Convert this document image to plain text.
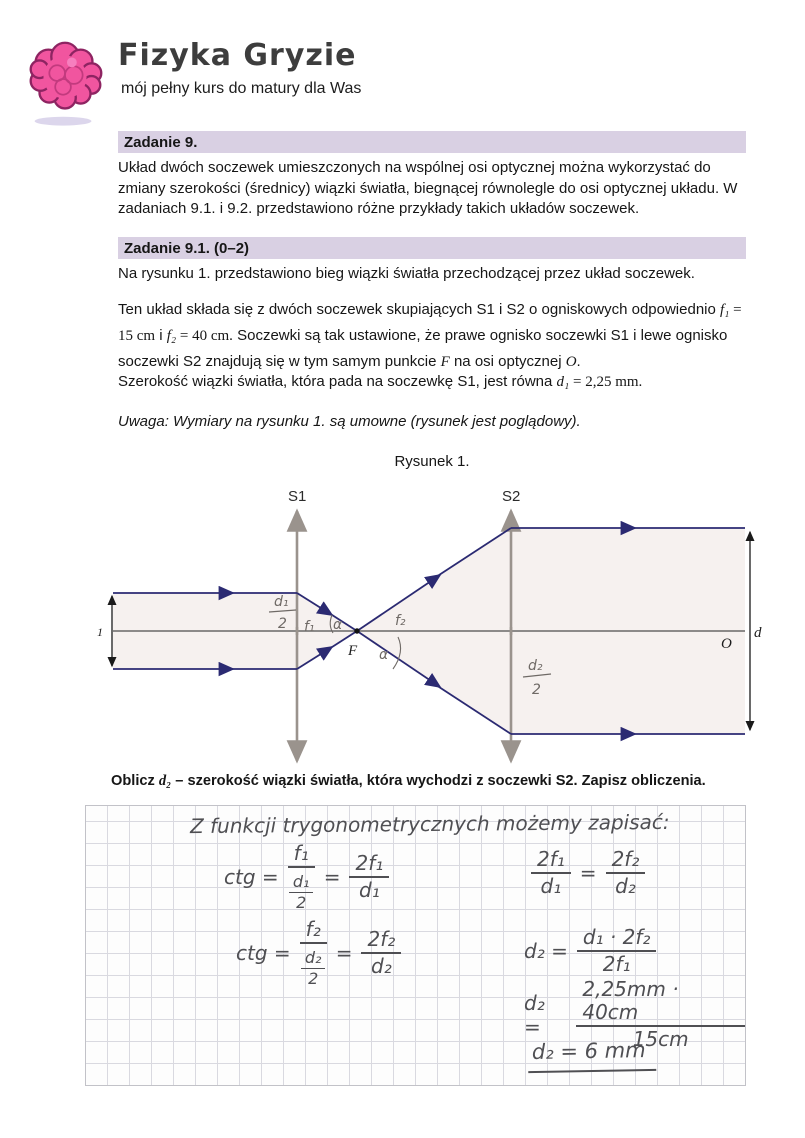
Fizyka Gryzie
mój pełny kurs do matury dla Was
Zadanie 9.
Układ dwóch soczewek umieszczonych na wspólnej osi optycznej można wykorzystać do zmiany szerokości (średnicy) wiązki światła, biegnącej równolegle do osi optycznej układu. W zadaniach 9.1. i 9.2. przedstawiono różne przykłady takich układów soczewek.
Zadanie 9.1. (0–2)
Na rysunku 1. przedstawiono bieg wiązki światła przechodzącej przez układ soczewek.
Ten układ składa się z dwóch soczewek skupiających S1 i S2 o ogniskowych odpowiednio f₁ = 15 cm i f₂ = 40 cm. Soczewki są tak ustawione, że prawe ognisko soczewki S1 i lewe ognisko soczewki S2 znajdują się w tym samym punkcie F na osi optycznej O.
Szerokość wiązki światła, która pada na soczewkę S1, jest równa d₁ = 2,25 mm.
Uwaga: Wymiary na rysunku 1. są umowne (rysunek jest poglądowy).
Rysunek 1.
S1	S2
F	O
d
1
d₁
2 f₁ α	f₂
α
d₂
2
Oblicz d₂ – szerokość wiązki światła, która wychodzi z soczewki S2. Zapisz obliczenia.
Z funkcji trygonometrycznych możemy zapisać:
ctg = $\frac{\text{f₁}}{\frac{\text{d₁}}{2}} = \frac{\text{2f₁}}{\text{d₁}}$	$\frac{\text{2f₁}}{\text{d₁}} = \frac{\text{2f₂}}{\text{d₂}}$
ctg = $\frac{\text{f₂}}{\frac{\text{d₂}}{2}} = \frac{\text{2f₂}}{\text{d₂}}$	$d_2 = \frac{\text{d₁ · 2f₂}}{\text{2f₁}}$
d₂ =	$\frac{2,25mm \cdot 40cm}{15cm}$
d₂ = 6 mm
